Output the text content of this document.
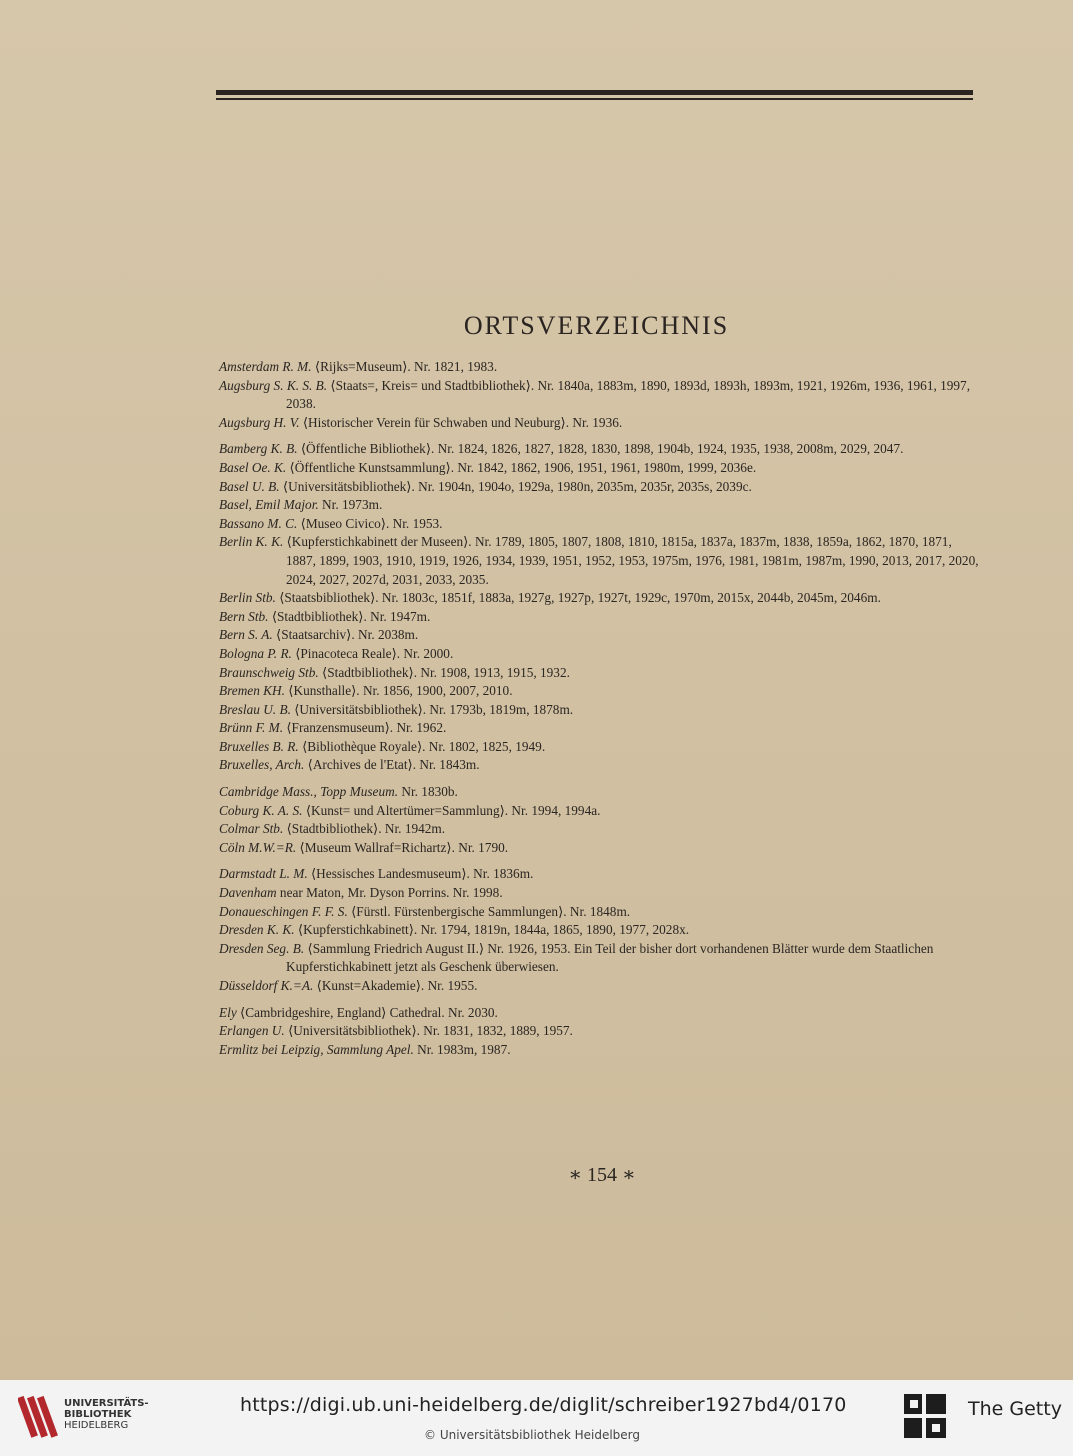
ORTSVERZEICHNIS

Amsterdam R. M. ⟨Rijks=Museum⟩. Nr. 1821, 1983.

Augsburg S. K. S. B. ⟨Staats=, Kreis= und Stadtbibliothek⟩. Nr. 1840a, 1883m, 1890, 1893d, 1893h, 1893m, 1921, 1926m, 1936, 1961, 1997, 2038.

Augsburg H. V. ⟨Historischer Verein für Schwaben und Neuburg⟩. Nr. 1936.

Bamberg K. B. ⟨Öffentliche Bibliothek⟩. Nr. 1824, 1826, 1827, 1828, 1830, 1898, 1904b, 1924, 1935, 1938, 2008m, 2029, 2047.

Basel Oe. K. ⟨Öffentliche Kunstsammlung⟩. Nr. 1842, 1862, 1906, 1951, 1961, 1980m, 1999, 2036e.

Basel U. B. ⟨Universitätsbibliothek⟩. Nr. 1904n, 1904o, 1929a, 1980n, 2035m, 2035r, 2035s, 2039c.

Basel, Emil Major. Nr. 1973m.

Bassano M. C. ⟨Museo Civico⟩. Nr. 1953.

Berlin K. K. ⟨Kupferstichkabinett der Museen⟩. Nr. 1789, 1805, 1807, 1808, 1810, 1815a, 1837a, 1837m, 1838, 1859a, 1862, 1870, 1871, 1887, 1899, 1903, 1910, 1919, 1926, 1934, 1939, 1951, 1952, 1953, 1975m, 1976, 1981, 1981m, 1987m, 1990, 2013, 2017, 2020, 2024, 2027, 2027d, 2031, 2033, 2035.

Berlin Stb. ⟨Staatsbibliothek⟩. Nr. 1803c, 1851f, 1883a, 1927g, 1927p, 1927t, 1929c, 1970m, 2015x, 2044b, 2045m, 2046m.

Bern Stb. ⟨Stadtbibliothek⟩. Nr. 1947m.

Bern S. A. ⟨Staatsarchiv⟩. Nr. 2038m.

Bologna P. R. ⟨Pinacoteca Reale⟩. Nr. 2000.

Braunschweig Stb. ⟨Stadtbibliothek⟩. Nr. 1908, 1913, 1915, 1932.

Bremen KH. ⟨Kunsthalle⟩. Nr. 1856, 1900, 2007, 2010.

Breslau U. B. ⟨Universitätsbibliothek⟩. Nr. 1793b, 1819m, 1878m.

Brünn F. M. ⟨Franzensmuseum⟩. Nr. 1962.

Bruxelles B. R. ⟨Bibliothèque Royale⟩. Nr. 1802, 1825, 1949.

Bruxelles, Arch. ⟨Archives de l'Etat⟩. Nr. 1843m.

Cambridge Mass., Topp Museum. Nr. 1830b.

Coburg K. A. S. ⟨Kunst= und Altertümer=Sammlung⟩. Nr. 1994, 1994a.

Colmar Stb. ⟨Stadtbibliothek⟩. Nr. 1942m.

Cöln M.W.=R. ⟨Museum Wallraf=Richartz⟩. Nr. 1790.

Darmstadt L. M. ⟨Hessisches Landesmuseum⟩. Nr. 1836m.

Davenham near Maton, Mr. Dyson Porrins. Nr. 1998.

Donaueschingen F. F. S. ⟨Fürstl. Fürstenbergische Sammlungen⟩. Nr. 1848m.

Dresden K. K. ⟨Kupferstichkabinett⟩. Nr. 1794, 1819n, 1844a, 1865, 1890, 1977, 2028x.

Dresden Seg. B. ⟨Sammlung Friedrich August II.⟩ Nr. 1926, 1953. Ein Teil der bisher dort vorhandenen Blätter wurde dem Staatlichen Kupferstichkabinett jetzt als Geschenk überwiesen.

Düsseldorf K.=A. ⟨Kunst=Akademie⟩. Nr. 1955.

Ely ⟨Cambridgeshire, England⟩ Cathedral. Nr. 2030.

Erlangen U. ⟨Universitätsbibliothek⟩. Nr. 1831, 1832, 1889, 1957.

Ermlitz bei Leipzig, Sammlung Apel. Nr. 1983m, 1987.

∗ 154 ∗
UNIVERSITÄTS-
BIBLIOTHEK
HEIDELBERG
https://digi.ub.uni-heidelberg.de/diglit/schreiber1927bd4/0170
© Universitätsbibliothek Heidelberg
The Getty
